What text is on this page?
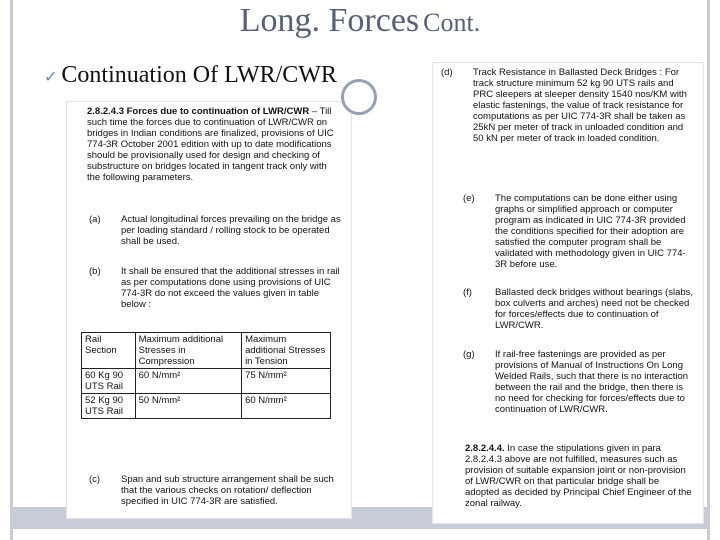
Long. Forces Cont.
✓ Continuation Of LWR/CWR
2.8.2.4.3 Forces due to continuation of LWR/CWR – Till such time the forces due to continuation of LWR/CWR on bridges in Indian conditions are finalized, provisions of UIC 774-3R October 2001 edition with up to date modifications should be provisionally used for design and checking of substructure on bridges located in tangent track only with the following parameters.
(a) Actual longitudinal forces prevailing on the bridge as per loading standard / rolling stock to be operated shall be used.
(b) It shall be ensured that the additional stresses in rail as per computations done using provisions of UIC 774-3R do not exceed the values given in table below :
Rail Section	Maximum additional Stresses in Compression	Maximum additional Stresses in Tension
60 Kg 90 UTS Rail	60 N/mm²	75 N/mm²
52 Kg 90 UTS Rail	50 N/mm²	60 N/mm²
(c) Span and sub structure arrangement shall be such that the various checks on rotation/ deflection specified in UIC 774-3R are satisfied.
(d) Track Resistance in Ballasted Deck Bridges : For track structure minimum 52 kg 90 UTS rails and PRC sleepers at sleeper density 1540 nos/KM with elastic fastenings, the value of track resistance for computations as per UIC 774-3R shall be taken as 25kN per meter of track in unloaded condition and 50 kN per meter of track in loaded condition.
(e) The computations can be done either using graphs or simplified approach or computer program as indicated in UIC 774-3R provided the conditions specified for their adoption are satisfied the computer program shall be validated with methodology given in UIC 774-3R before use.
(f) Ballasted deck bridges without bearings (slabs, box culverts and arches) need not be checked for forces/effects due to continuation of LWR/CWR.
(g) If rail-free fastenings are provided as per provisions of Manual of Instructions On Long Welded Rails, such that there is no interaction between the rail and the bridge, then there is no need for checking for forces/effects due to continuation of LWR/CWR.
2.8.2.4.4. In case the stipulations given in para 2.8.2.4.3 above are not fulfilled, measures such as provision of suitable expansion joint or non-provision of LWR/CWR on that particular bridge shall be adopted as decided by Principal Chief Engineer of the zonal railway.
